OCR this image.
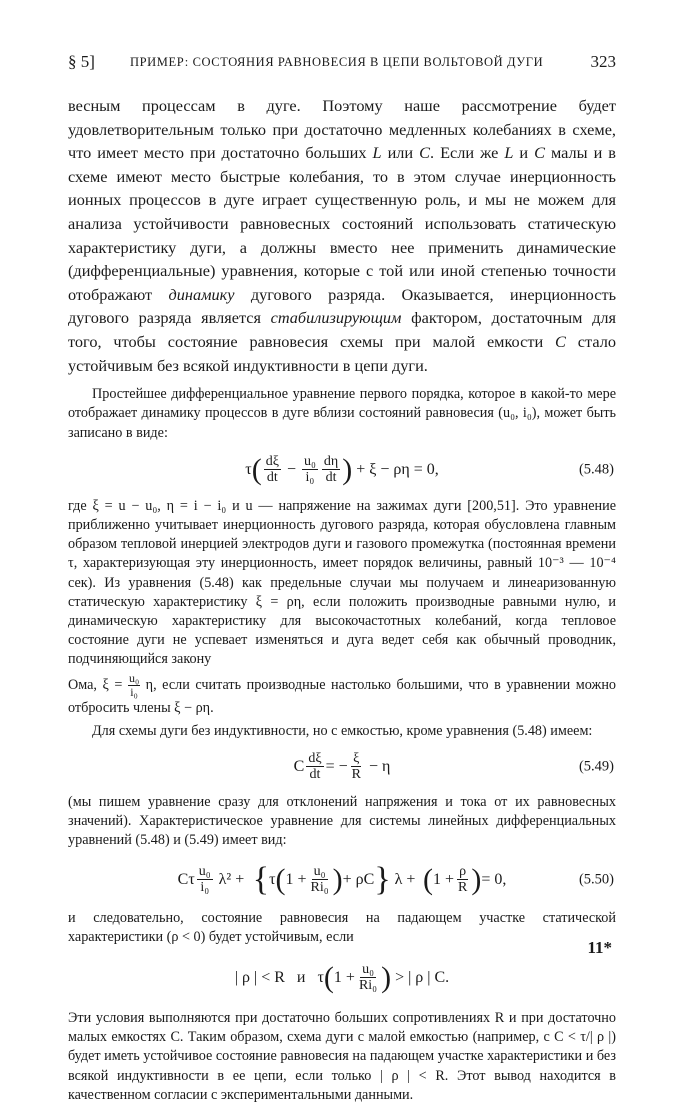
§ 5]	ПРИМЕР: СОСТОЯНИЯ РАВНОВЕСИЯ В ЦЕПИ ВОЛЬТОВОЙ ДУГИ	323

весным процессам в дуге. Поэтому наше рассмотрение будет удовлетворительным только при достаточно медленных колебаниях в схеме, что имеет место при достаточно больших L или C. Если же L и C малы и в схеме имеют место быстрые колебания, то в этом случае инерционность ионных процессов в дуге играет существенную роль, и мы не можем для анализа устойчивости равновесных состояний использовать статическую характеристику дуги, а должны вместо нее применить динамические (дифференциальные) уравнения, которые с той или иной степенью точности отображают динамику дугового разряда. Оказывается, инерционность дугового разряда является стабилизирующим фактором, достаточным для того, чтобы состояние равновесия схемы при малой емкости C стало устойчивым без всякой индуктивности в цепи дуги.

Простейшее дифференциальное уравнение первого порядка, которое в какой-то мере отображает динамику процессов в дуге вблизи состояний равновесия (u₀, i₀), может быть записано в виде:

τ ( $\frac{d\xi}{dt} - \frac{\text{u₀}}{\text{i₀}} \frac{d\eta}{dt}$ )
+ ξ − ρη = 0,	(5.48)

где ξ = u − u₀, η = i − i₀ и u — напряжение на зажимах дуги [200,51]. Это уравнение приближенно учитывает инерционность дугового разряда, которая обусловлена главным образом тепловой инерцией электродов дуги и газового промежутка (постоянная времени τ, характеризующая эту инерционность, имеет порядок величины, равный 10⁻³ — 10⁻⁴ сек). Из уравнения (5.48) как предельные случаи мы получаем и линеаризованную статическую характеристику ξ = ρη, если положить производные равными нулю, и динамическую характеристику для высокочастотных колебаний, когда тепловое состояние дуги не успевает изменяться и дуга ведет себя как обычный проводник, подчиняющийся закону

Ома, $\xi = \frac{\text{u₀}}{\text{i₀}} \eta$, если считать производные настолько большими, что в уравнении можно отбросить члены ξ − ρη.

Для схемы дуги без индуктивности, но с емкостью, кроме уравнения (5.48) имеем:

C $\frac{d\xi}{dt}$ = − $\frac{\xi}{R}$
− η	(5.49)

(мы пишем уравнение сразу для отклонений напряжения и тока от их равновесных значений). Характеристическое уравнение для системы линейных дифференциальных уравнений (5.48) и (5.49) имеет вид:

Cτ $\frac{\text{u₀}}{\text{i₀}}$
λ² + { τ ( $1 + \frac{\text{u₀}}{\text{Ri₀}}$ ) + ρC }
λ + ( $1 + \frac{\rho}{R}$ ) = 0,	(5.50)

и следовательно, состояние равновесия на падающем участке статической характеристики (ρ < 0) будет устойчивым, если

| ρ | < R   и   τ ( $1 + \frac{\text{u₀}}{\text{Ri₀}}$ )
> | ρ | C.

Эти условия выполняются при достаточно больших сопротивлениях R и при достаточно малых емкостях C. Таким образом, схема дуги с малой емкостью (например, с C < τ/| ρ |) будет иметь устойчивое состояние равновесия на падающем участке характеристики и без всякой индуктивности в ее цепи, если только | ρ | < R. Этот вывод находится в качественном согласии с экспериментальными данными.

11*
